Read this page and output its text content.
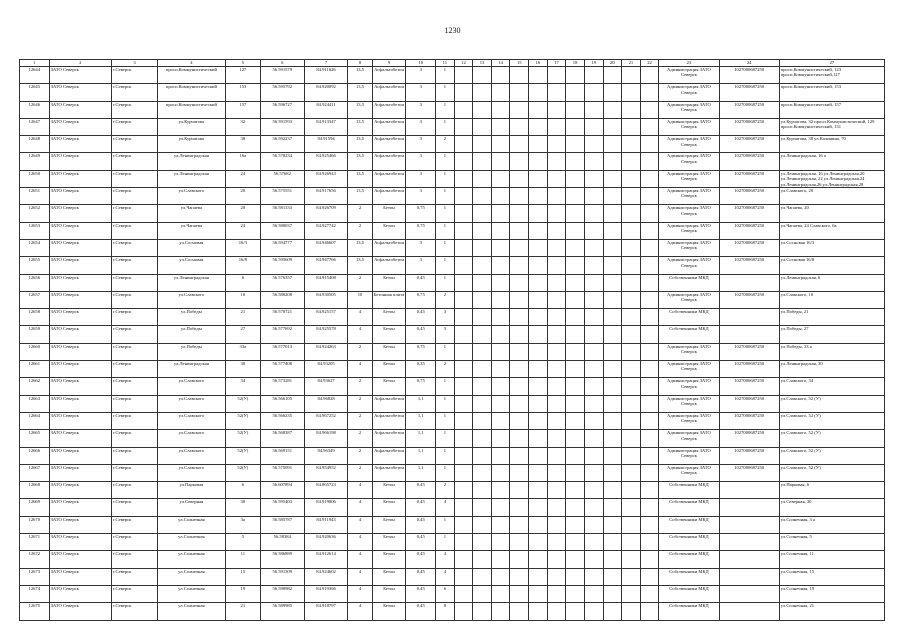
1230
1	2	3	4	5	6	7	8	9	10	11	12	13	14	15	16	17	18	19	20	21	22	23	24	27
12644	ЗАТО Северск	г.Северск	просп.Коммунистический	127	56.591579	84.911626	13,5	Асфальтобетон	3	1												Администрация ЗАТО Северск	1027000687250	просп.Коммунистический, 123 просп.Коммунистический,127
12645	ЗАТО Северск	г.Северск	просп.Коммунистический	153	56.595792	84.920092	13,5	Асфальтобетон	3	1												Администрация ЗАТО Северск	1027000687250	просп.Коммунистический, 153
12646	ЗАТО Северск	г.Северск	просп.Коммунистический	157	56.596727	84.924411	13,5	Асфальтобетон	3	1												Администрация ЗАТО Северск	1027000687250	просп.Коммунистический, 157
12647	ЗАТО Северск	г.Северск	ул.Курчатова	32	56.591593	84.913347	13,5	Асфальтобетон	3	1												Администрация ЗАТО Северск	1027000687250	ул.Курчатова, 32 просп.Коммунистический, 129 просп.Коммунистический, 131
12648	ЗАТО Северск	г.Северск	ул.Курчатова	38	56.592237	84.91594	13,5	Асфальтобетон	3	2												Администрация ЗАТО Северск	1027000687250	ул.Курчатова, 38 ул.Калинина, 70
12649	ЗАТО Северск	г.Северск	ул.Ленинградская	16а	56.578234	84.925466	13,5	Асфальтобетон	3	1												Администрация ЗАТО Северск	1027000687250	ул.Ленинградская, 16 а
12650	ЗАТО Северск	г.Северск	ул.Ленинградская	24	56.57682	84.926943	13,5	Асфальтобетон	3	1												Администрация ЗАТО Северск	1027000687250	ул.Ленинградская, 16 ул.Ленинградская,20 ул.Ленинградская, 22 ул.Ленинградская,24 ул.Ленинградская,26 ул.Ленинградская,28
12651	ЗАТО Северск	г.Северск	ул.Славского	20	56.575551	84.917656	13,5	Асфальтобетон	3	1												Администрация ЗАТО Северск	1027000687250	ул.Славского, 20
12652	ЗАТО Северск	г.Северск	ул.Чапаева	20	56.581333	84.926709	2	Бетон	0,75	1												Администрация ЗАТО Северск	1027000687250	ул.Чапаева, 20
12653	ЗАТО Северск	г.Северск	ул.Чапаева	24	56.580037	84.927742	2	Бетон	0,75	1												Администрация ЗАТО Северск	1027000687250	ул.Чапаева, 24 Славского, 6а
12654	ЗАТО Северск	г.Северск	ул.Сосновая	16/3	56.594777	84.946607	13,5	Асфальтобетон	3	1												Администрация ЗАТО Северск	1027000687250	ул.Сосновая 16/3
12655	ЗАТО Северск	г.Северск	ул.Сосновая	16/8	56.595609	84.947766	13,5	Асфальтобетон	3	1												Администрация ЗАТО Северск	1027000687250	ул.Сосновая 16/8
12656	ЗАТО Северск	г.Северск	ул.Ленинградская	6	56.576357	84.915408	2	Бетон	0,45	1												Собственники МКД		ул.Ленинградская, 6
12657	ЗАТО Северск	г.Северск	ул.Славского	10	56.580208	84.930505	10	Бетонная плита	0,75	2												Администрация ЗАТО Северск	1027000687250	ул.Славского, 10
12658	ЗАТО Северск	г.Северск	ул.Победы	21	56.578721	84.925157	4	Бетон	0,45	3												Собственники МКД		ул.Победы, 21
12659	ЗАТО Северск	г.Северск	ул.Победы	27	56.577692	84.925578	4	Бетон	0,45	3												Собственники МКД		ул.Победы, 27
12660	ЗАТО Северск	г.Северск	ул.Победы	33а	56.577013	84.924263	2	Бетон	0,75	1												Администрация ЗАТО Северск	1027000687250	ул.Победы, 33 а
12661	ЗАТО Северск	г.Северск	ул.Ленинградская	30	56.577408	84.93205	4	Бетон	0,35	2												Администрация ЗАТО Северск	1027000687250	ул.Ленинградская, 30
12662	ЗАТО Северск	г.Северск	ул.Славского	34	56.573281	84.93627	2	Бетон	0,75	1												Администрация ЗАТО Северск	1027000687250	ул.Славского, 34
12663	ЗАТО Северск	г.Северск	ул.Славского	52(У)	56.566105	84.96828	2	Асфальтобетон	1,1	1												Администрация ЗАТО Северск	1027000687250	ул.Славского, 52 (У)
12664	ЗАТО Северск	г.Северск	ул.Славского	52(У)	56.566235	84.967252	2	Асфальтобетон	1,1	1												Администрация ЗАТО Северск	1027000687250	ул.Славского, 52 (У)
12665	ЗАТО Северск	г.Северск	ул.Славского	52(У)	56.568387	84.966198	2	Асфальтобетон	1,1	1												Администрация ЗАТО Северск	1027000687250	ул.Славского, 52 (У)
12666	ЗАТО Северск	г.Северск	ул.Славского	52(У)	56.569151	84.96349	2	Асфальтобетон	1,1	1												Администрация ЗАТО Северск	1027000687250	ул.Славского, 52 (У)
12667	ЗАТО Северск	г.Северск	ул.Славского	52(У)	56.575091	84.954952	2	Асфальтобетон	1,1	1												Администрация ЗАТО Северск	1027000687250	ул.Славского, 52 (У)
12668	ЗАТО Северск	г.Северск	ул.Парковая	6	56.607894	84.865723	4	Бетон	0,45	2												Собственники МКД		ул.Парковая, 6
12669	ЗАТО Северск	г.Северск	ул.Северная	30	56.595403	84.919806	4	Бетон	0,45	4												Собственники МКД		ул.Северная, 30
12670	ЗАТО Северск	г.Северск	ул.Солнечная	3а	56.585787	84.911943	4	Бетон	0,45	1												Собственники МКД		ул.Солнечная, 3 а
12671	ЗАТО Северск	г.Северск	ул.Солнечная	5	56.58384	84.920636	4	Бетон	0,45	1												Собственники МКД		ул.Солнечная, 5
12672	ЗАТО Северск	г.Северск	ул.Солнечная	11	56.586889	84.912614	4	Бетон	0,45	4												Собственники МКД		ул.Солнечная, 11
12673	ЗАТО Северск	г.Северск	ул.Солнечная	15	56.591309	84.924602	4	Бетон	0,45	4												Собственники МКД		ул.Солнечная, 15
12674	ЗАТО Северск	г.Северск	ул.Солнечная	19	56.590982	84.919366	4	Бетон	0,45	6												Собственники МКД		ул.Солнечная, 19
12675	ЗАТО Северск	г.Северск	ул.Солнечная	21	56.589985	84.918797	4	Бетон	0,45	8												Собственники МКД		ул.Солнечная, 21
